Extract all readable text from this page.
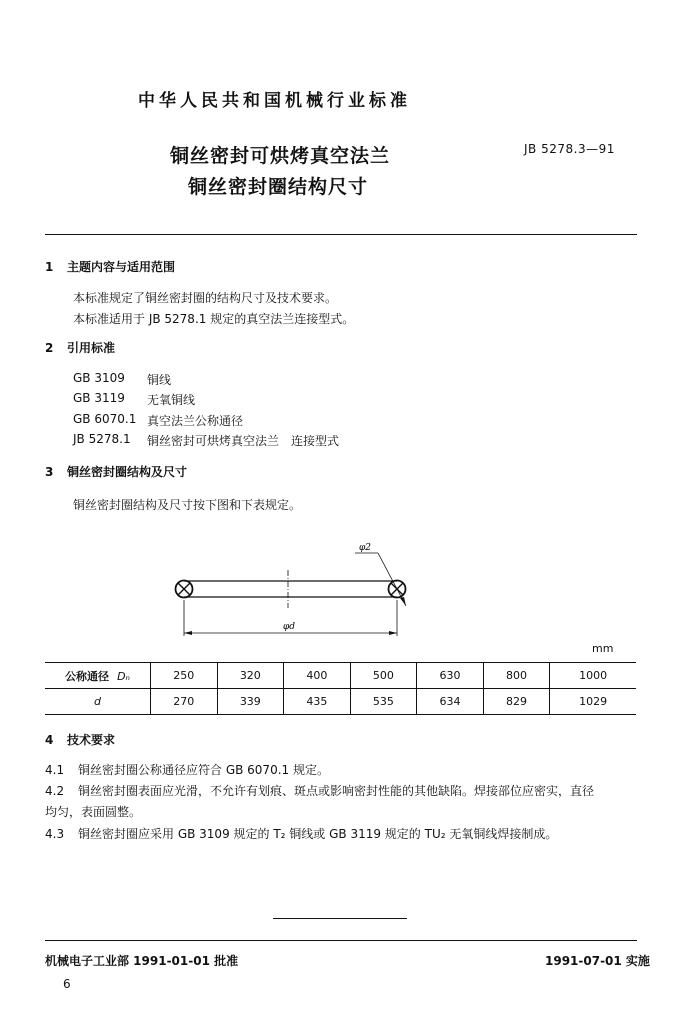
中华人民共和国机械行业标准
铜丝密封可烘烤真空法兰
铜丝密封圈结构尺寸
JB 5278.3—91
1 主题内容与适用范围
本标准规定了铜丝密封圈的结构尺寸及技术要求。
本标准适用于 JB 5278.1 规定的真空法兰连接型式。
2 引用标准
GB 3109	铜线
GB 3119	无氧铜线
GB 6070.1 真空法兰公称通径
JB 5278.1	铜丝密封可烘烤真空法兰　连接型式
3 铜丝密封圈结构及尺寸
铜丝密封圈结构及尺寸按下图和下表规定。
φd
φ2
mm
公称通径 Dₙ	250	320	400	500	630	800	1000
d	270	339	435	535	634	829	1029
4 技术要求
4.1 铜丝密封圈公称通径应符合 GB 6070.1 规定。
4.2 铜丝密封圈表面应光滑，不允许有划痕、斑点或影响密封性能的其他缺陷。焊接部位应密实，直径
均匀，表面圆整。
4.3 铜丝密封圈应采用 GB 3109 规定的 T₂ 铜线或 GB 3119 规定的 TU₂ 无氧铜线焊接制成。
机械电子工业部 1991-01-01 批准	1991-07-01 实施
6
